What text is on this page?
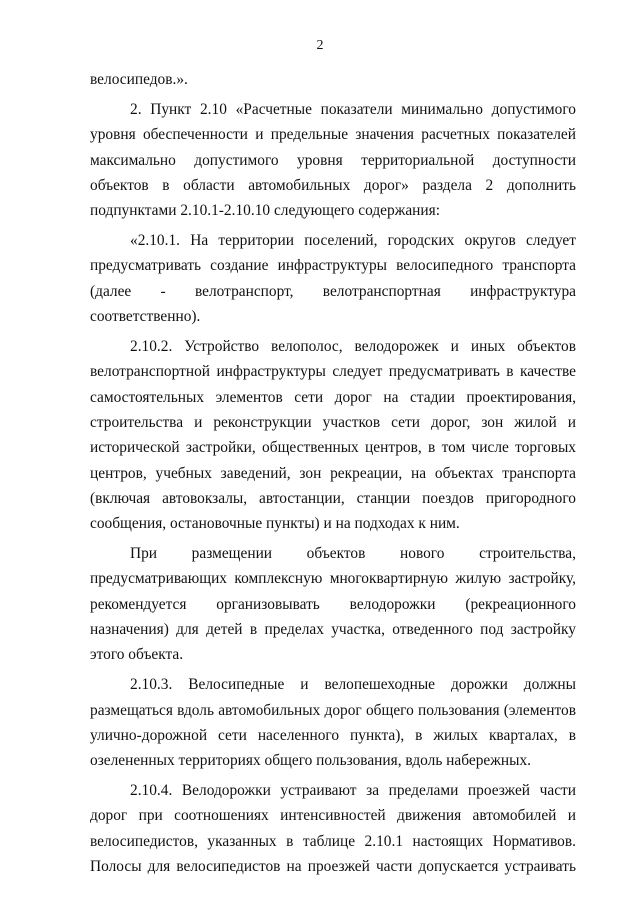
2

велосипедов.».

2. Пункт 2.10 «Расчетные показатели минимально допустимого уровня обеспеченности и предельные значения расчетных показателей максимально допустимого уровня территориальной доступности объектов в области автомобильных дорог» раздела 2 дополнить подпунктами 2.10.1-2.10.10 следующего содержания:

«2.10.1. На территории поселений, городских округов следует предусматривать создание инфраструктуры велосипедного транспорта (далее - велотранспорт, велотранспортная инфраструктура соответственно).

2.10.2. Устройство велополос, велодорожек и иных объектов велотранспортной инфраструктуры следует предусматривать в качестве самостоятельных элементов сети дорог на стадии проектирования, строительства и реконструкции участков сети дорог, зон жилой и исторической застройки, общественных центров, в том числе торговых центров, учебных заведений, зон рекреации, на объектах транспорта (включая автовокзалы, автостанции, станции поездов пригородного сообщения, остановочные пункты) и на подходах к ним.

При размещении объектов нового строительства, предусматривающих комплексную многоквартирную жилую застройку, рекомендуется организовывать велодорожки (рекреационного назначения) для детей в пределах участка, отведенного под застройку этого объекта.

2.10.3. Велосипедные и велопешеходные дорожки должны размещаться вдоль автомобильных дорог общего пользования (элементов улично-дорожной сети населенного пункта), в жилых кварталах, в озелененных территориях общего пользования, вдоль набережных.

2.10.4. Велодорожки устраивают за пределами проезжей части дорог при соотношениях интенсивностей движения автомобилей и велосипедистов, указанных в таблице 2.10.1 настоящих Нормативов. Полосы для велосипедистов на проезжей части допускается устраивать
